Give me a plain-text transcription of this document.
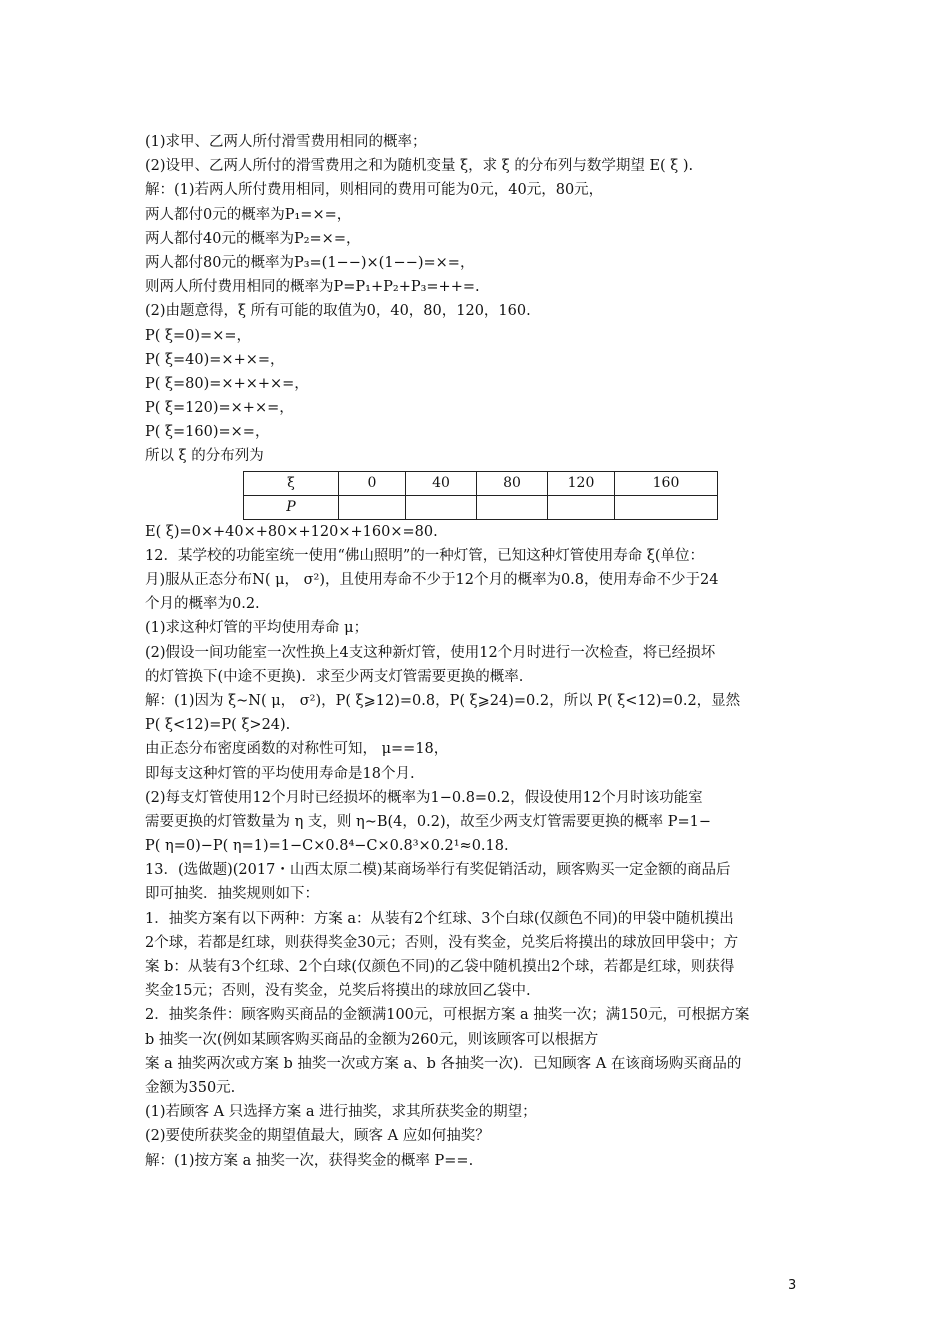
(1)求甲、乙两人所付滑雪费用相同的概率；
(2)设甲、乙两人所付的滑雪费用之和为随机变量 ξ，求 ξ 的分布列与数学期望 E( ξ ).
解：(1)若两人所付费用相同，则相同的费用可能为0元，40元，80元，
两人都付0元的概率为P₁=×=，
两人都付40元的概率为P₂=×=，
两人都付80元的概率为P₃=(1−−)×(1−−)=×=，
则两人所付费用相同的概率为P=P₁+P₂+P₃=++=.
(2)由题意得，ξ 所有可能的取值为0，40，80，120，160.
P( ξ=0)=×=，
P( ξ=40)=×+×=，
P( ξ=80)=×+×+×=，
P( ξ=120)=×+×=，
P( ξ=160)=×=，
所以 ξ 的分布列为
ξ	0	40	80	120	160
P					
E( ξ)=0×+40×+80×+120×+160×=80.
12．某学校的功能室统一使用“佛山照明”的一种灯管，已知这种灯管使用寿命 ξ(单位：
月)服从正态分布N( μ， σ²)，且使用寿命不少于12个月的概率为0.8，使用寿命不少于24
个月的概率为0.2.
(1)求这种灯管的平均使用寿命 μ；
(2)假设一间功能室一次性换上4支这种新灯管，使用12个月时进行一次检查，将已经损坏
的灯管换下(中途不更换)．求至少两支灯管需要更换的概率.
解：(1)因为 ξ∼N( μ， σ²)，P( ξ⩾12)=0.8，P( ξ⩾24)=0.2，所以 P( ξ<12)=0.2，显然
P( ξ<12)=P( ξ>24).
由正态分布密度函数的对称性可知， μ==18，
即每支这种灯管的平均使用寿命是18个月.
(2)每支灯管使用12个月时已经损坏的概率为1−0.8=0.2，假设使用12个月时该功能室
需要更换的灯管数量为 η 支，则 η∼B(4，0.2)，故至少两支灯管需要更换的概率 P=1−
P( η=0)−P( η=1)=1−C×0.8⁴−C×0.8³×0.2¹≈0.18.
13．(选做题)(2017・山西太原二模)某商场举行有奖促销活动，顾客购买一定金额的商品后
即可抽奖．抽奖规则如下：
1．抽奖方案有以下两种：方案 a：从装有2个红球、3个白球(仅颜色不同)的甲袋中随机摸出
2个球，若都是红球，则获得奖金30元；否则，没有奖金，兑奖后将摸出的球放回甲袋中；方
案 b：从装有3个红球、2个白球(仅颜色不同)的乙袋中随机摸出2个球，若都是红球，则获得
奖金15元；否则，没有奖金，兑奖后将摸出的球放回乙袋中.
2．抽奖条件：顾客购买商品的金额满100元，可根据方案 a 抽奖一次；满150元，可根据方案
b 抽奖一次(例如某顾客购买商品的金额为260元，则该顾客可以根据方
案 a 抽奖两次或方案 b 抽奖一次或方案 a、b 各抽奖一次)．已知顾客 A 在该商场购买商品的
金额为350元.
(1)若顾客 A 只选择方案 a 进行抽奖，求其所获奖金的期望；
(2)要使所获奖金的期望值最大，顾客 A 应如何抽奖？
解：(1)按方案 a 抽奖一次，获得奖金的概率 P==.
3
